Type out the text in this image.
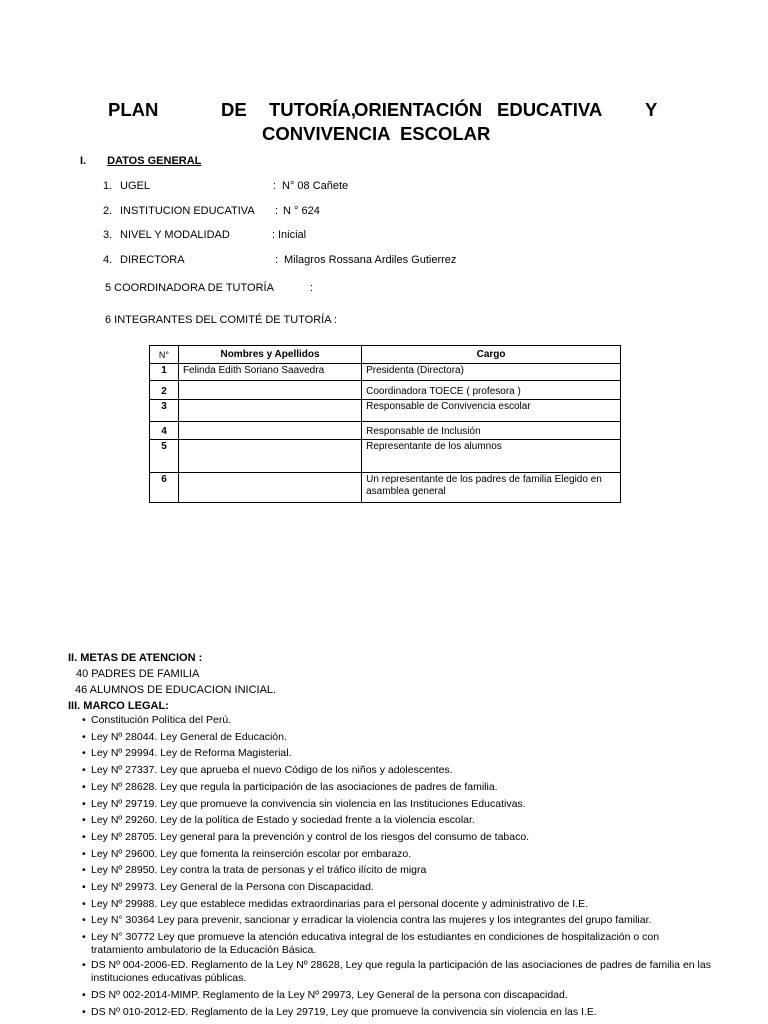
PLAN	DE TUTORÍA,
ORIENTACIÓN EDUCATIVA Y
CONVIVENCIA ESCOLAR
I. DATOS GENERAL
1. UGEL	: N° 08 Cañete
2. INSTITUCION EDUCATIVA : N ° 624
3. NIVEL Y MODALIDAD	: Inicial
4. DIRECTORA	: Milagros Rossana Ardiles Gutierrez
5 COORDINADORA DE TUTORÍA	:
6 INTEGRANTES DEL COMITÉ DE TUTORÍA :
N°	Nombres y Apellidos	Cargo
1	Felinda Edith Soriano Saavedra	Presidenta (Directora)
2		Coordinadora TOECE ( profesora )
3		Responsable de Convivencia escolar
4		Responsable de Inclusión
5		Representante de los alumnos
6		Un representante de los padres de familia Elegido en asamblea general
II. METAS DE ATENCION :
40 PADRES DE FAMILIA
46 ALUMNOS DE EDUCACION INICIAL.
III. MARCO LEGAL:
• Constitución Política del Perú.
• Ley Nº 28044. Ley General de Educación.
• Ley Nº 29994. Ley de Reforma Magisterial.
• Ley Nº 27337. Ley que aprueba el nuevo Código de los niños y adolescentes.
• Ley Nº 28628. Ley que regula la participación de las asociaciones de padres de familia.
• Ley Nº 29719. Ley que promueve la convivencia sin violencia en las Instituciones Educativas.
• Ley Nº 29260. Ley de la política de Estado y sociedad frente a la violencia escolar.
• Ley Nº 28705. Ley general para la prevención y control de los riesgos del consumo de tabaco.
• Ley Nº 29600. Ley que fomenta la reinserción escolar por embarazo.
• Ley Nº 28950. Ley contra la trata de personas y el tráfico ilícito de migra
• Ley Nº 29973. Ley General de la Persona con Discapacidad.
• Ley Nº 29988. Ley que establece medidas extraordinarias para el personal docente y administrativo de I.E.
• Ley N° 30364 Ley para prevenir, sancionar y erradicar la violencia contra las mujeres y los integrantes del grupo familiar.
• Ley N° 30772 Ley que promueve la atención educativa integral de los estudiantes en condiciones de hospitalización o con tratamiento ambulatorio de la Educación Básica.
• DS Nº 004-2006-ED. Reglamento de la Ley Nº 28628, Ley que regula la participación de las asociaciones de padres de familia en las instituciones educativas públicas.
• DS Nº 002-2014-MIMP. Reglamento de la Ley Nº 29973, Ley General de la persona con discapacidad.
• DS Nº 010-2012-ED. Reglamento de la Ley 29719, Ley que promueve la convivencia sin violencia en las I.E.
